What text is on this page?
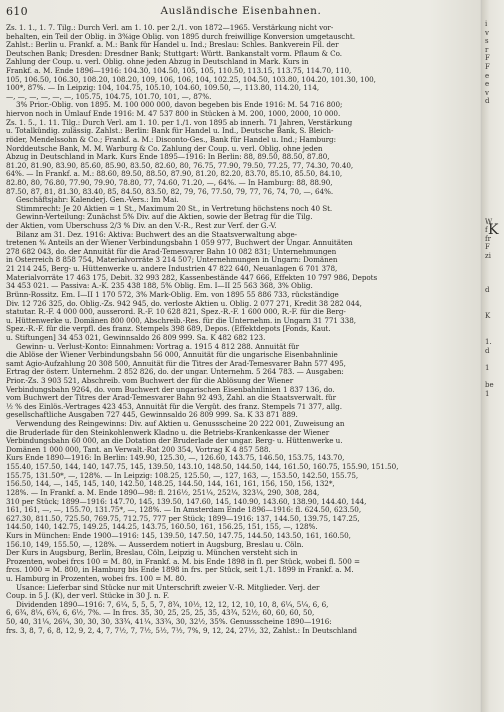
610	Ausländische Eisenbahnen.
Zs. 1. 1., 1. 7. Tilg.: Durch Verl. am 1. 10. per 2./1. von 1872—1965. Verstärkung nicht vor-
behalten, ein Teil der Oblig. in 3%ige Oblig. von 1895 durch freiwillige Konversion umgetauscht.
Zahlst.: Berlin u. Frankf. a. M.: Bank für Handel u. Ind.; Breslau: Schles. Bankverein Fil. der
Deutschen Bank; Dresden: Dresdner Bank; Stuttgart: Württ. Bankanstalt vorm. Pflaum & Co.
Zahlung der Coup. u. verl. Oblig. ohne jeden Abzug in Deutschland in Mark. Kurs in
Frankf. a. M. Ende 1896—1916: 104.30, 104.50, 105, 105, 110.50, 113.15, 113.75, 114.70, 110,
105, 106.50, 106.30, 108.20, 108.20, 109, 106, 106, 104, 102.25, 104.50, 103.80, 104.20, 101.30, 100,
100*, 87%. — In Leipzig: 104, 104.75, 105.10, 104.60, 109.50, —, 113.80, 114.20, 114,
—, —, —, —, —, —, 105.75, 104.75, 101.70, 101, —, 87%.
3% Prior.-Oblig. von 1895. M. 100 000 000, davon begeben bis Ende 1916: M. 54 716 800;
hiervon noch in Umlauf Ende 1916: M. 47 537 800 in Stücken à M. 200, 1000, 2000, 10 000.
Zs. 1. 5., 1. 11. Tilg.: Durch Verl. am 1. 10. per 1./1. von 1895 ab innerh. 71 Jahren, Verstärkung
u. Totalkündig. zulässig. Zahlst.: Berlin: Bank für Handel u. Ind., Deutsche Bank, S. Bleich-
röder, Mendelssohn & Co.; Frankf. a. M.: Disconto-Ges., Bank für Handel u. Ind.; Hamburg:
Norddeutsche Bank, M. M. Warburg & Co. Zahlung der Coup. u. verl. Oblig. ohne jeden
Abzug in Deutschland in Mark. Kurs Ende 1895—1916: In Berlin: 88, 89.50, 88.50, 87.80,
81.20, 81.90, 83.90, 85.60, 85.90, 83.50, 82.60, 80, 76.75, 77.90, 79.50, 77.25, 77, 74.30, 70.40,
64%. — In Frankf. a. M.: 88.60, 89.50, 88.50, 87.90, 81.20, 82.20, 83.70, 85.10, 85.50, 84.10,
82.80, 80, 76.80, 77.90, 79.90, 78.80, 77, 74.60, 71.20, —, 64%. — In Hamburg: 88, 88.90,
87.50, 87, 81, 81.30, 83.40, 85, 84.50, 83.50, 82, 79, 76, 77.50, 79, 77, 76, 74, 70, —, 64%.
Geschäftsjahr: Kalenderj. Gen.-Vers.: Im Mai.
Stimmrecht: Je 20 Aktien = 1 St., Maximum 20 St., in Vertretung höchstens noch 40 St.
Gewinn-Verteilung: Zunächst 5% Div. auf die Aktien, sowie der Betrag für die Tilg.
der Aktien, vom Überschuss 2/3 % Div. an den V.-R., Rest zur Verf. der G.-V.
Bilanz am 31. Dez. 1916: Aktiva: Buchwert des an die Staatsverwaltung abge-
tretenen ⁴⁄₆ Anteils an der Wiener Verbindungsbahn 1 059 977, Buchwert der Ungar. Annuitäten
278 682 043, do. der Annuität für die Arad-Temesvarer Bahn 10 082 831; Unternehmungen
in Österreich 8 858 754, Materialvorräte 3 214 507; Unternehmungen in Ungarn: Domänen
21 214 245, Berg- u. Hüttenwerke u. andere Industrien 47 822 640, Neuanlagen 6 701 378,
Materialvorräte 17 463 175, Debit. 32 993 282, Kassenbestände 447 666, Effekten 10 797 986, Depots
34 453 021. — Passiva: A.-K. 235 438 188, 5% Oblig. Em. I—II 25 563 368, 3% Oblig.
Brünn-Rossitz. Em. I—II 1 170 572, 3% Mark-Oblig. Em. von 1895 55 886 733, rückständige
Div. 12 726 325, do. Oblig.-Zs. 942 945, do. verloste Aktien u. Oblig. 2 077 271, Kredit 38 282 044,
statutar. R.-F. 4 000 000, ausserord. R.-F. 10 628 821, Spez.-R.-F. 1 600 000, R.-F. für die Berg-
u. Hüttenwerke u. Domänen 800 000, Abschreib.-Res. für die Unternehm. in Ungarn 31 771 338,
Spez.-R.-F. für die verpfl. des franz. Stempels 398 689, Depos. (Effektdepots [Fonds, Kaut.
u. Stiftungen] 34 453 021, Gewinnsaldo 26 809 999. Sa. K 482 682 123.
Gewinn- u. Verlust-Konto: Einnahmen: Vortrag a. 1915 4 812 288. Annuität für
die Ablöse der Wiener Verbindungsbahn 56 000, Annuität für die ungarische Eisenbahnlinie
samt Agio-Aufzahlung 20 308 500, Annuität für die Titres der Arad-Temesvarer Bahn 577 495,
Ertrag der österr. Unternehm. 2 852 826, do. der ungar. Unternehm. 5 264 783. — Ausgaben:
Prior.-Zs. 3 903 521, Abschreib. vom Buchwert der für die Ablösung der Wiener
Verbindungsbahn 9264, do. vom Buchwert der ungarischen Eisenbahnlinien 1 837 136, do.
vom Buchwert der Titres der Arad-Temesvarer Bahn 92 493, Zahl. an die Staatsverwalt. für
½ % des Einlös.-Vertrages 423 453, Annuität für die Vergüt. des franz. Stempels 71 377, allg.
gesellschaftliche Ausgaben 727 445, Gewinnsaldo 26 809 999. Sa. K 33 871 889.
Verwendung des Reingewinns: Div. auf Aktien u. Genussscheine 20 222 001, Zuweisung an
die Bruderlade für den Steinkohlenwerk Kladno u. die Betriebs-Krankenkasse der Wiener
Verbindungsbahn 60 000, an die Dotation der Bruderlade der ungar. Berg- u. Hüttenwerke u.
Domänen 1 000 000, Tant. an Verwalt.-Rat 200 354, Vortrag K 4 857 588.
Kurs Ende 1890—1916: In Berlin: 149.90, 125.30, —, 126.60, 143.75, 146.50, 153.75, 143.70,
155.40, 157.50, 144, 140, 147.75, 145, 139.50, 143.10, 148.50, 144.50, 144, 161.50, 160.75, 155.90, 151.50,
155.75, 131.50*, —, 128%. — In Leipzig: 108.25, 125.50, —, 127, 163, —, 153.50, 142.50, 155.75,
156.50, 144, —, 145, 145, 140, 142.50, 148.25, 144.50, 144, 161, 161, 156, 150, 156, 132*,
128%. — In Frankf. a. M. Ende 1890—98: fl. 216½, 251¼, 252¼, 323¼, 290, 308, 284,
310 per Stück; 1899—1916: 147.70, 145, 139.50, 147.60, 145, 140.90, 143.60, 138.90, 144.40, 144,
161, 161, —, —, 155.70, 131.75*, —, 128%. — In Amsterdam Ende 1896—1916: fl. 624.50, 623.50,
627.30, 811.50, 725.50, 769.75, 712.75, 777 per Stück; 1899—1916: 137, 144.50, 139.75, 147.25,
144.50, 140, 142.75, 149.25, 144.25, 143.75, 160.50, 161, 156.25, 151, 155, —, 128%.
Kurs in München: Ende 1900—1916: 145, 139.50, 147.50, 147.75, 144.50, 143.50, 161, 160.50,
156.10, 149, 155.50, —, 128%. — Ausserdem notiert in Augsburg, Breslau u. Cöln.
Der Kurs in Augsburg, Berlin, Breslau, Cöln, Leipzig u. München versteht sich in
Prozenten, wobei frcs 100 = M. 80, in Frankf. a. M. bis Ende 1898 in fl. per Stück, wobei fl. 500 =
frcs. 1000 = M. 800, in Hamburg bis Ende 1898 in frs. per Stück, seit 1./1. 1899 in Frankf. a. M.
u. Hamburg in Prozenten, wobei frs. 100 = M. 80.
Usance: Lieferbar sind Stücke nur mit Unterschrift zweier V.-R. Mitglieder. Verj. der
Coup. in 5 J. (K), der verl. Stücke in 30 J. n. F.
Dividenden 1890—1916: 7, 6¼, 5, 5, 5, 7, 8¾, 10½, 12, 12, 12, 10, 10, 8, 6¼, 5¼, 6, 6,
6, 6¾, 8¼, 6¾, 6, 6½, 7%. — In frcs. 35, 30, 25, 25, 25, 35, 43¾, 52½, 60, 60, 60, 50,
50, 40, 31¼, 26¼, 30, 30, 30, 33¾, 41¼, 33¾, 30, 32½, 35%. Genussscheine 1890—1916:
frs. 3, 8, 7, 6, 8, 12, 9, 2, 4, 7, 7½, 7, 7½, 5½, 7½, 7%, 9, 12, 24, 27½, 32, Zahlst.: In Deutschland
i
v
s
r
F
F
e
e
v
d
W
f
fr
F
zi
d
K
1.
d
1
be
1
K
